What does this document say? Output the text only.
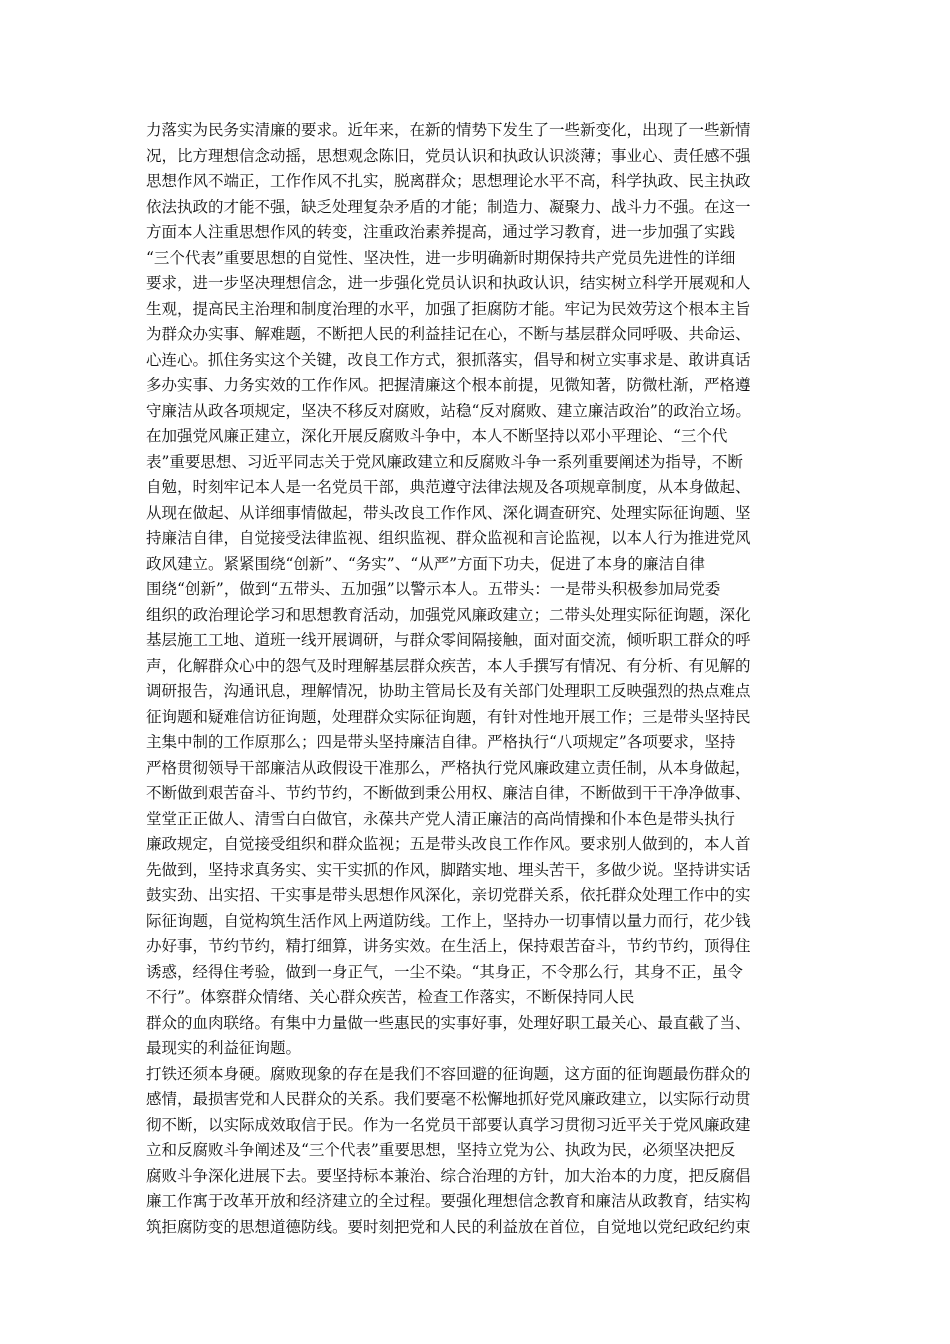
力落实为民务实清廉的要求。近年来，在新的情势下发生了一些新变化，出现了一些新情
况，比方理想信念动摇，思想观念陈旧，党员认识和执政认识淡薄；事业心、责任感不强
思想作风不端正，工作作风不扎实，脱离群众；思想理论水平不高，科学执政、民主执政
依法执政的才能不强，缺乏处理复杂矛盾的才能；制造力、凝聚力、战斗力不强。在这一
方面本人注重思想作风的转变，注重政治素养提高，通过学习教育，进一步加强了实践
“三个代表”重要思想的自觉性、坚决性，进一步明确新时期保持共产党员先进性的详细
要求，进一步坚决理想信念，进一步强化党员认识和执政认识，结实树立科学开展观和人
生观，提高民主治理和制度治理的水平，加强了拒腐防才能。牢记为民效劳这个根本主旨
为群众办实事、解难题，不断把人民的利益挂记在心，不断与基层群众同呼吸、共命运、
心连心。抓住务实这个关键，改良工作方式，狠抓落实，倡导和树立实事求是、敢讲真话
多办实事、力务实效的工作作风。把握清廉这个根本前提，见微知著，防微杜渐，严格遵
守廉洁从政各项规定，坚决不移反对腐败，站稳“反对腐败、建立廉洁政治”的政治立场。
在加强党风廉正建立，深化开展反腐败斗争中，本人不断坚持以邓小平理论、“三个代
表”重要思想、习近平同志关于党风廉政建立和反腐败斗争一系列重要阐述为指导，不断
自勉，时刻牢记本人是一名党员干部，典范遵守法律法规及各项规章制度，从本身做起、
从现在做起、从详细事情做起，带头改良工作作风、深化调查研究、处理实际征询题、坚
持廉洁自律，自觉接受法律监视、组织监视、群众监视和言论监视，以本人行为推进党风
政风建立。紧紧围绕“创新”、“务实”、“从严”方面下功夫，促进了本身的廉洁自律
围绕“创新”，做到“五带头、五加强”以警示本人。五带头：一是带头积极参加局党委
组织的政治理论学习和思想教育活动，加强党风廉政建立；二带头处理实际征询题，深化
基层施工工地、道班一线开展调研，与群众零间隔接触，面对面交流，倾听职工群众的呼
声，化解群众心中的怨气及时理解基层群众疾苦，本人手撰写有情况、有分析、有见解的
调研报告，沟通讯息，理解情况，协助主管局长及有关部门处理职工反映强烈的热点难点
征询题和疑难信访征询题，处理群众实际征询题，有针对性地开展工作；三是带头坚持民
主集中制的工作原那么；四是带头坚持廉洁自律。严格执行“八项规定”各项要求，坚持
严格贯彻领导干部廉洁从政假设干准那么，严格执行党风廉政建立责任制，从本身做起，
不断做到艰苦奋斗、节约节约，不断做到秉公用权、廉洁自律，不断做到干干净净做事、
堂堂正正做人、清雪白白做官，永葆共产党人清正廉洁的高尚情操和仆本色是带头执行
廉政规定，自觉接受组织和群众监视；五是带头改良工作作风。要求别人做到的，本人首
先做到，坚持求真务实、实干实抓的作风，脚踏实地、埋头苦干，多做少说。坚持讲实话
鼓实劲、出实招、干实事是带头思想作风深化，亲切党群关系，依托群众处理工作中的实
际征询题，自觉构筑生活作风上两道防线。工作上，坚持办一切事情以量力而行，花少钱
办好事，节约节约，精打细算，讲务实效。在生活上，保持艰苦奋斗，节约节约，顶得住
诱惑，经得住考验，做到一身正气，一尘不染。“其身正，不令那么行，其身不正，虽令
不行”。体察群众情绪、关心群众疾苦，检查工作落实，不断保持同人民
群众的血肉联络。有集中力量做一些惠民的实事好事，处理好职工最关心、最直截了当、
最现实的利益征询题。
打铁还须本身硬。腐败现象的存在是我们不容回避的征询题，这方面的征询题最伤群众的
感情，最损害党和人民群众的关系。我们要毫不松懈地抓好党风廉政建立，以实际行动贯
彻不断，以实际成效取信于民。作为一名党员干部要认真学习贯彻习近平关于党风廉政建
立和反腐败斗争阐述及“三个代表”重要思想，坚持立党为公、执政为民，必须坚决把反
腐败斗争深化进展下去。要坚持标本兼治、综合治理的方针，加大治本的力度，把反腐倡
廉工作寓于改革开放和经济建立的全过程。要强化理想信念教育和廉洁从政教育，结实构
筑拒腐防变的思想道德防线。要时刻把党和人民的利益放在首位，自觉地以党纪政纪约束
